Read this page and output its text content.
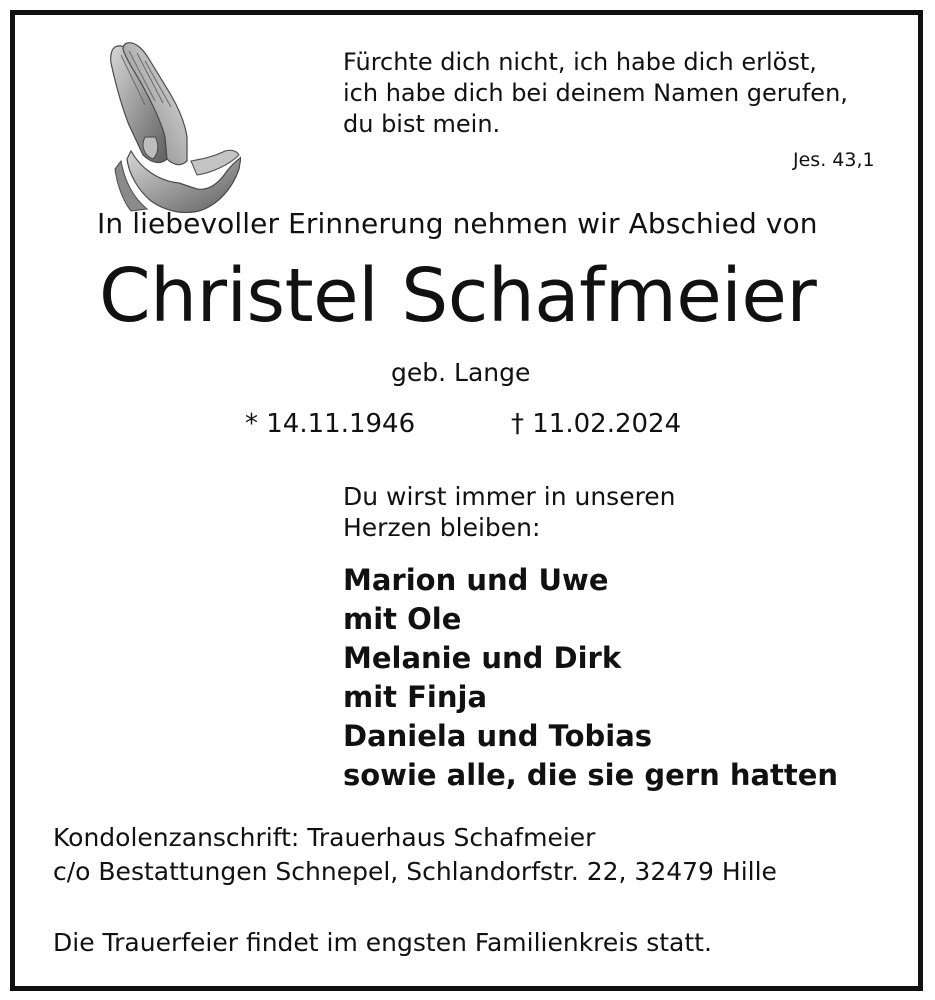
Fürchte dich nicht, ich habe dich erlöst,
ich habe dich bei deinem Namen gerufen,
du bist mein.
Jes. 43,1
In liebevoller Erinnerung nehmen wir Abschied von
Christel Schafmeier
geb. Lange
* 14.11.1946	† 11.02.2024
Du wirst immer in unseren
Herzen bleiben:
Marion und Uwe
mit Ole
Melanie und Dirk
mit Finja
Daniela und Tobias
sowie alle, die sie gern hatten
Kondolenzanschrift: Trauerhaus Schafmeier
c/o Bestattungen Schnepel, Schlandorfstr. 22, 32479 Hille
Die Trauerfeier findet im engsten Familienkreis statt.
